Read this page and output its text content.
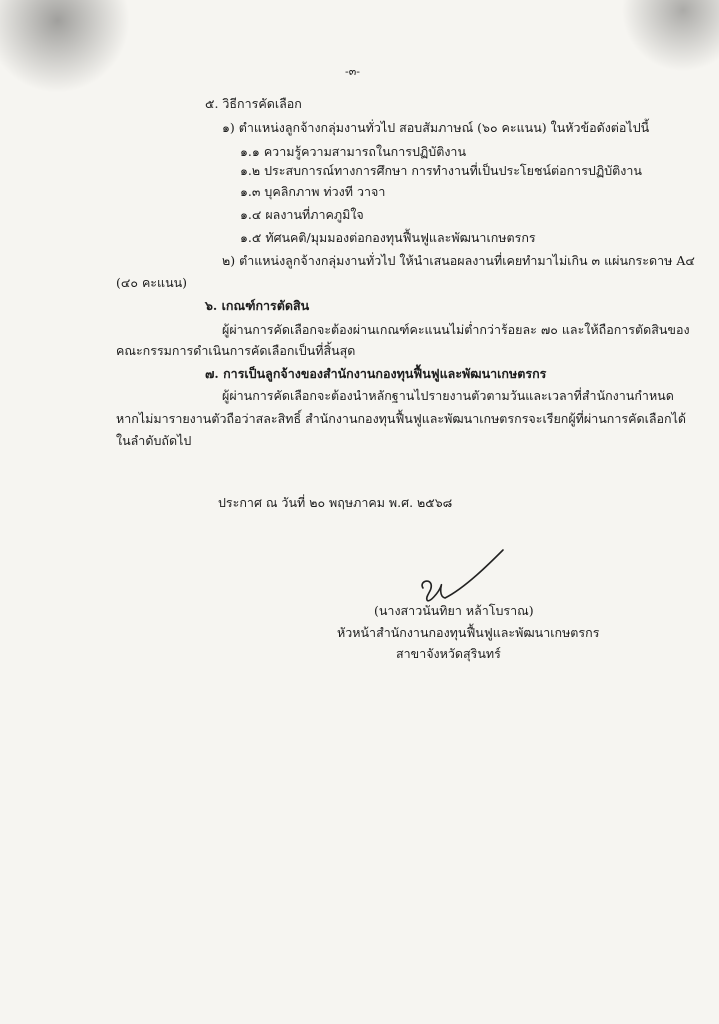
-๓-
๕. วิธีการคัดเลือก
๑) ตำแหน่งลูกจ้างกลุ่มงานทั่วไป สอบสัมภาษณ์ (๖๐ คะแนน) ในหัวข้อดังต่อไปนี้
๑.๑ ความรู้ความสามารถในการปฏิบัติงาน
๑.๒ ประสบการณ์ทางการศึกษา การทำงานที่เป็นประโยชน์ต่อการปฏิบัติงาน
๑.๓ บุคลิกภาพ ท่วงที วาจา
๑.๔ ผลงานที่ภาคภูมิใจ
๑.๕ ทัศนคติ/มุมมองต่อกองทุนฟื้นฟูและพัฒนาเกษตรกร
๒) ตำแหน่งลูกจ้างกลุ่มงานทั่วไป ให้นำเสนอผลงานที่เคยทำมาไม่เกิน ๓ แผ่นกระดาษ A๔
(๔๐ คะแนน)
๖. เกณฑ์การตัดสิน
ผู้ผ่านการคัดเลือกจะต้องผ่านเกณฑ์คะแนนไม่ต่ำกว่าร้อยละ ๗๐ และให้ถือการตัดสินของ
คณะกรรมการดำเนินการคัดเลือกเป็นที่สิ้นสุด
๗. การเป็นลูกจ้างของสำนักงานกองทุนฟื้นฟูและพัฒนาเกษตรกร
ผู้ผ่านการคัดเลือกจะต้องนำหลักฐานไปรายงานตัวตามวันและเวลาที่สำนักงานกำหนด
หากไม่มารายงานตัวถือว่าสละสิทธิ์ สำนักงานกองทุนฟื้นฟูและพัฒนาเกษตรกรจะเรียกผู้ที่ผ่านการคัดเลือกได้
ในลำดับถัดไป
ประกาศ ณ วันที่ ๒๐ พฤษภาคม พ.ศ. ๒๕๖๘
(นางสาวนันทิยา หล้าโบราณ)
หัวหน้าสำนักงานกองทุนฟื้นฟูและพัฒนาเกษตรกร
สาขาจังหวัดสุรินทร์
